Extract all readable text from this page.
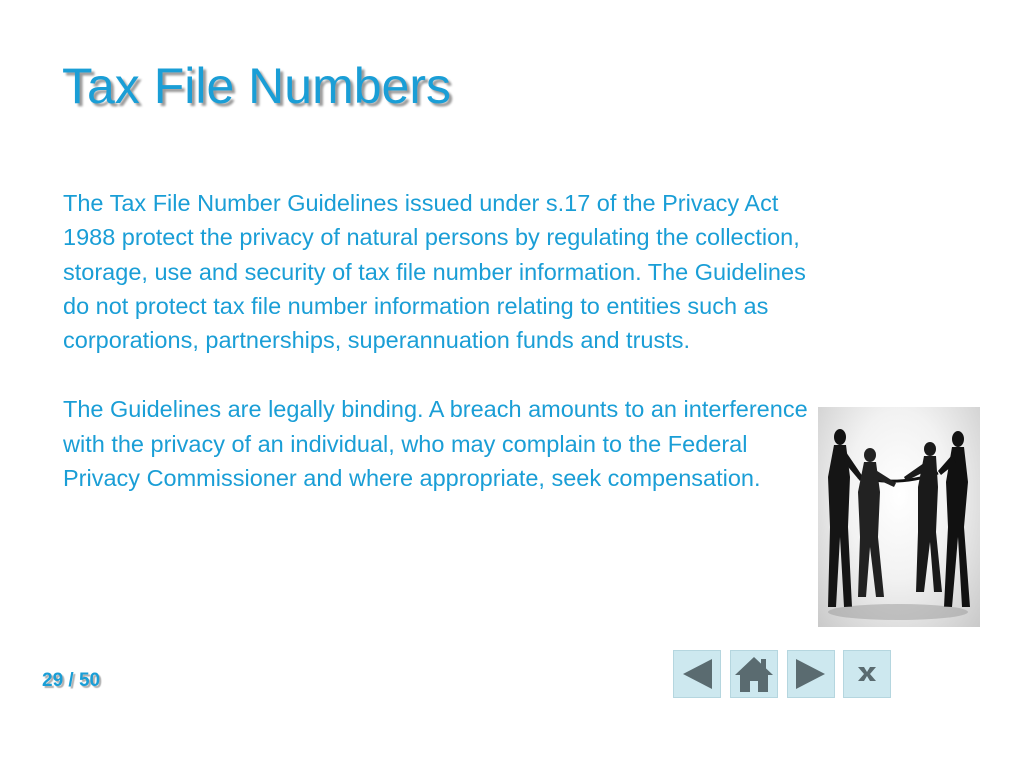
Tax File Numbers

The Tax File Number Guidelines issued under s.17 of the Privacy Act 1988 protect the privacy of natural persons by regulating the collection, storage, use and security of tax file number information. The Guidelines do not protect tax file number information relating to entities such as corporations, partnerships, superannuation funds and trusts.

The Guidelines are legally binding. A breach amounts to an interference with the privacy of an individual, who may complain to the Federal Privacy Commissioner and where appropriate, seek compensation.

29 / 50
